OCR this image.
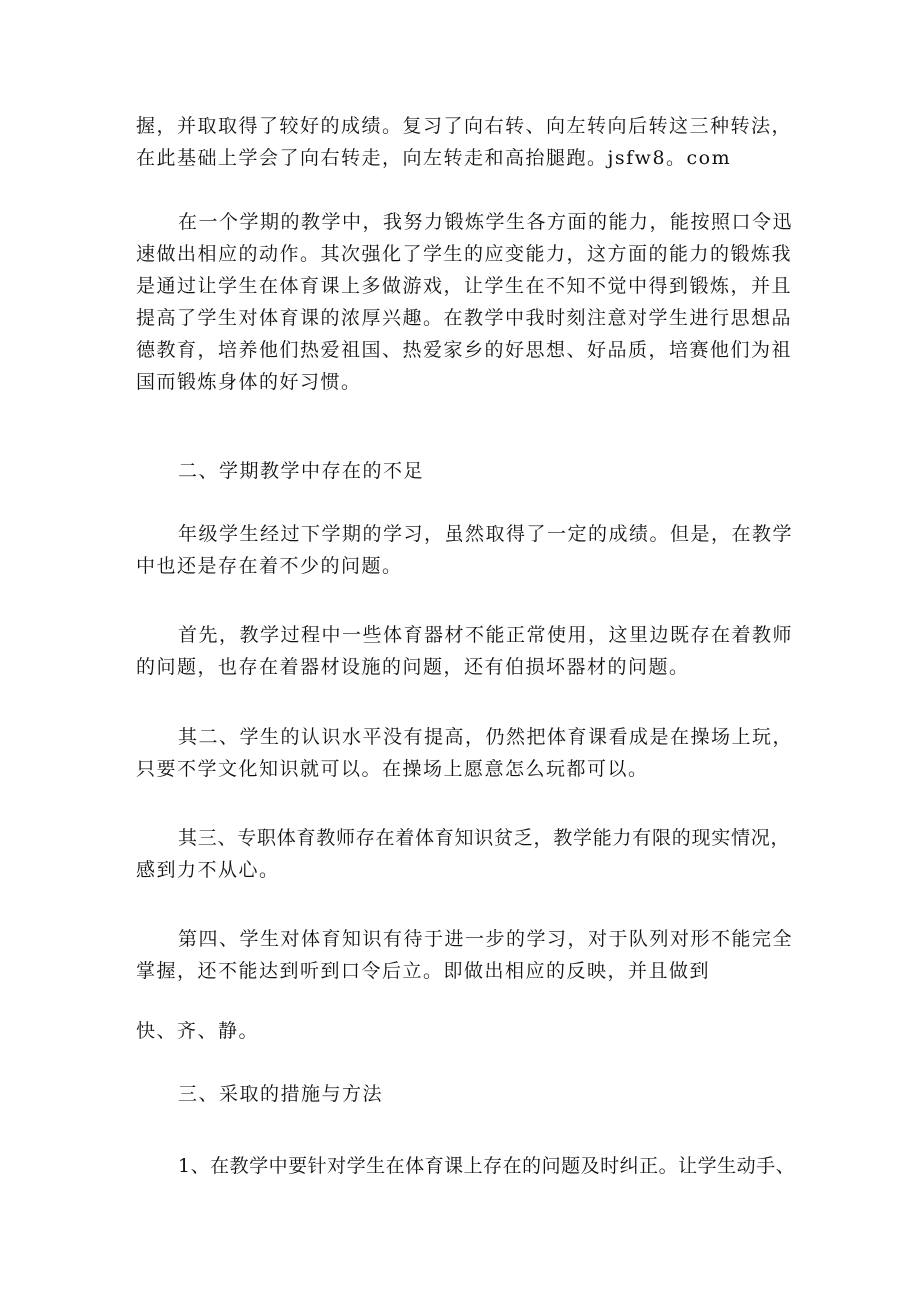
握，并取取得了较好的成绩。复习了向右转、向左转向后转这三种转法，
在此基础上学会了向右转走，向左转走和高抬腿跑。jsfw8。com
在一个学期的教学中，我努力锻炼学生各方面的能力，能按照口令迅
速做出相应的动作。其次强化了学生的应变能力，这方面的能力的锻炼我
是通过让学生在体育课上多做游戏，让学生在不知不觉中得到锻炼，并且
提高了学生对体育课的浓厚兴趣。在教学中我时刻注意对学生进行思想品
德教育，培养他们热爱祖国、热爱家乡的好思想、好品质，培赛他们为祖
国而锻炼身体的好习惯。
二、学期教学中存在的不足
年级学生经过下学期的学习，虽然取得了一定的成绩。但是，在教学
中也还是存在着不少的问题。
首先，教学过程中一些体育器材不能正常使用，这里边既存在着教师
的问题，也存在着器材设施的问题，还有伯损坏器材的问题。
其二、学生的认识水平没有提高，仍然把体育课看成是在操场上玩，
只要不学文化知识就可以。在操场上愿意怎么玩都可以。
其三、专职体育教师存在着体育知识贫乏，教学能力有限的现实情况，
感到力不从心。
第四、学生对体育知识有待于进一步的学习，对于队列对形不能完全
掌握，还不能达到听到口令后立。即做出相应的反映，并且做到
快、齐、静。
三、采取的措施与方法
1、在教学中要针对学生在体育课上存在的问题及时纠正。让学生动手、
